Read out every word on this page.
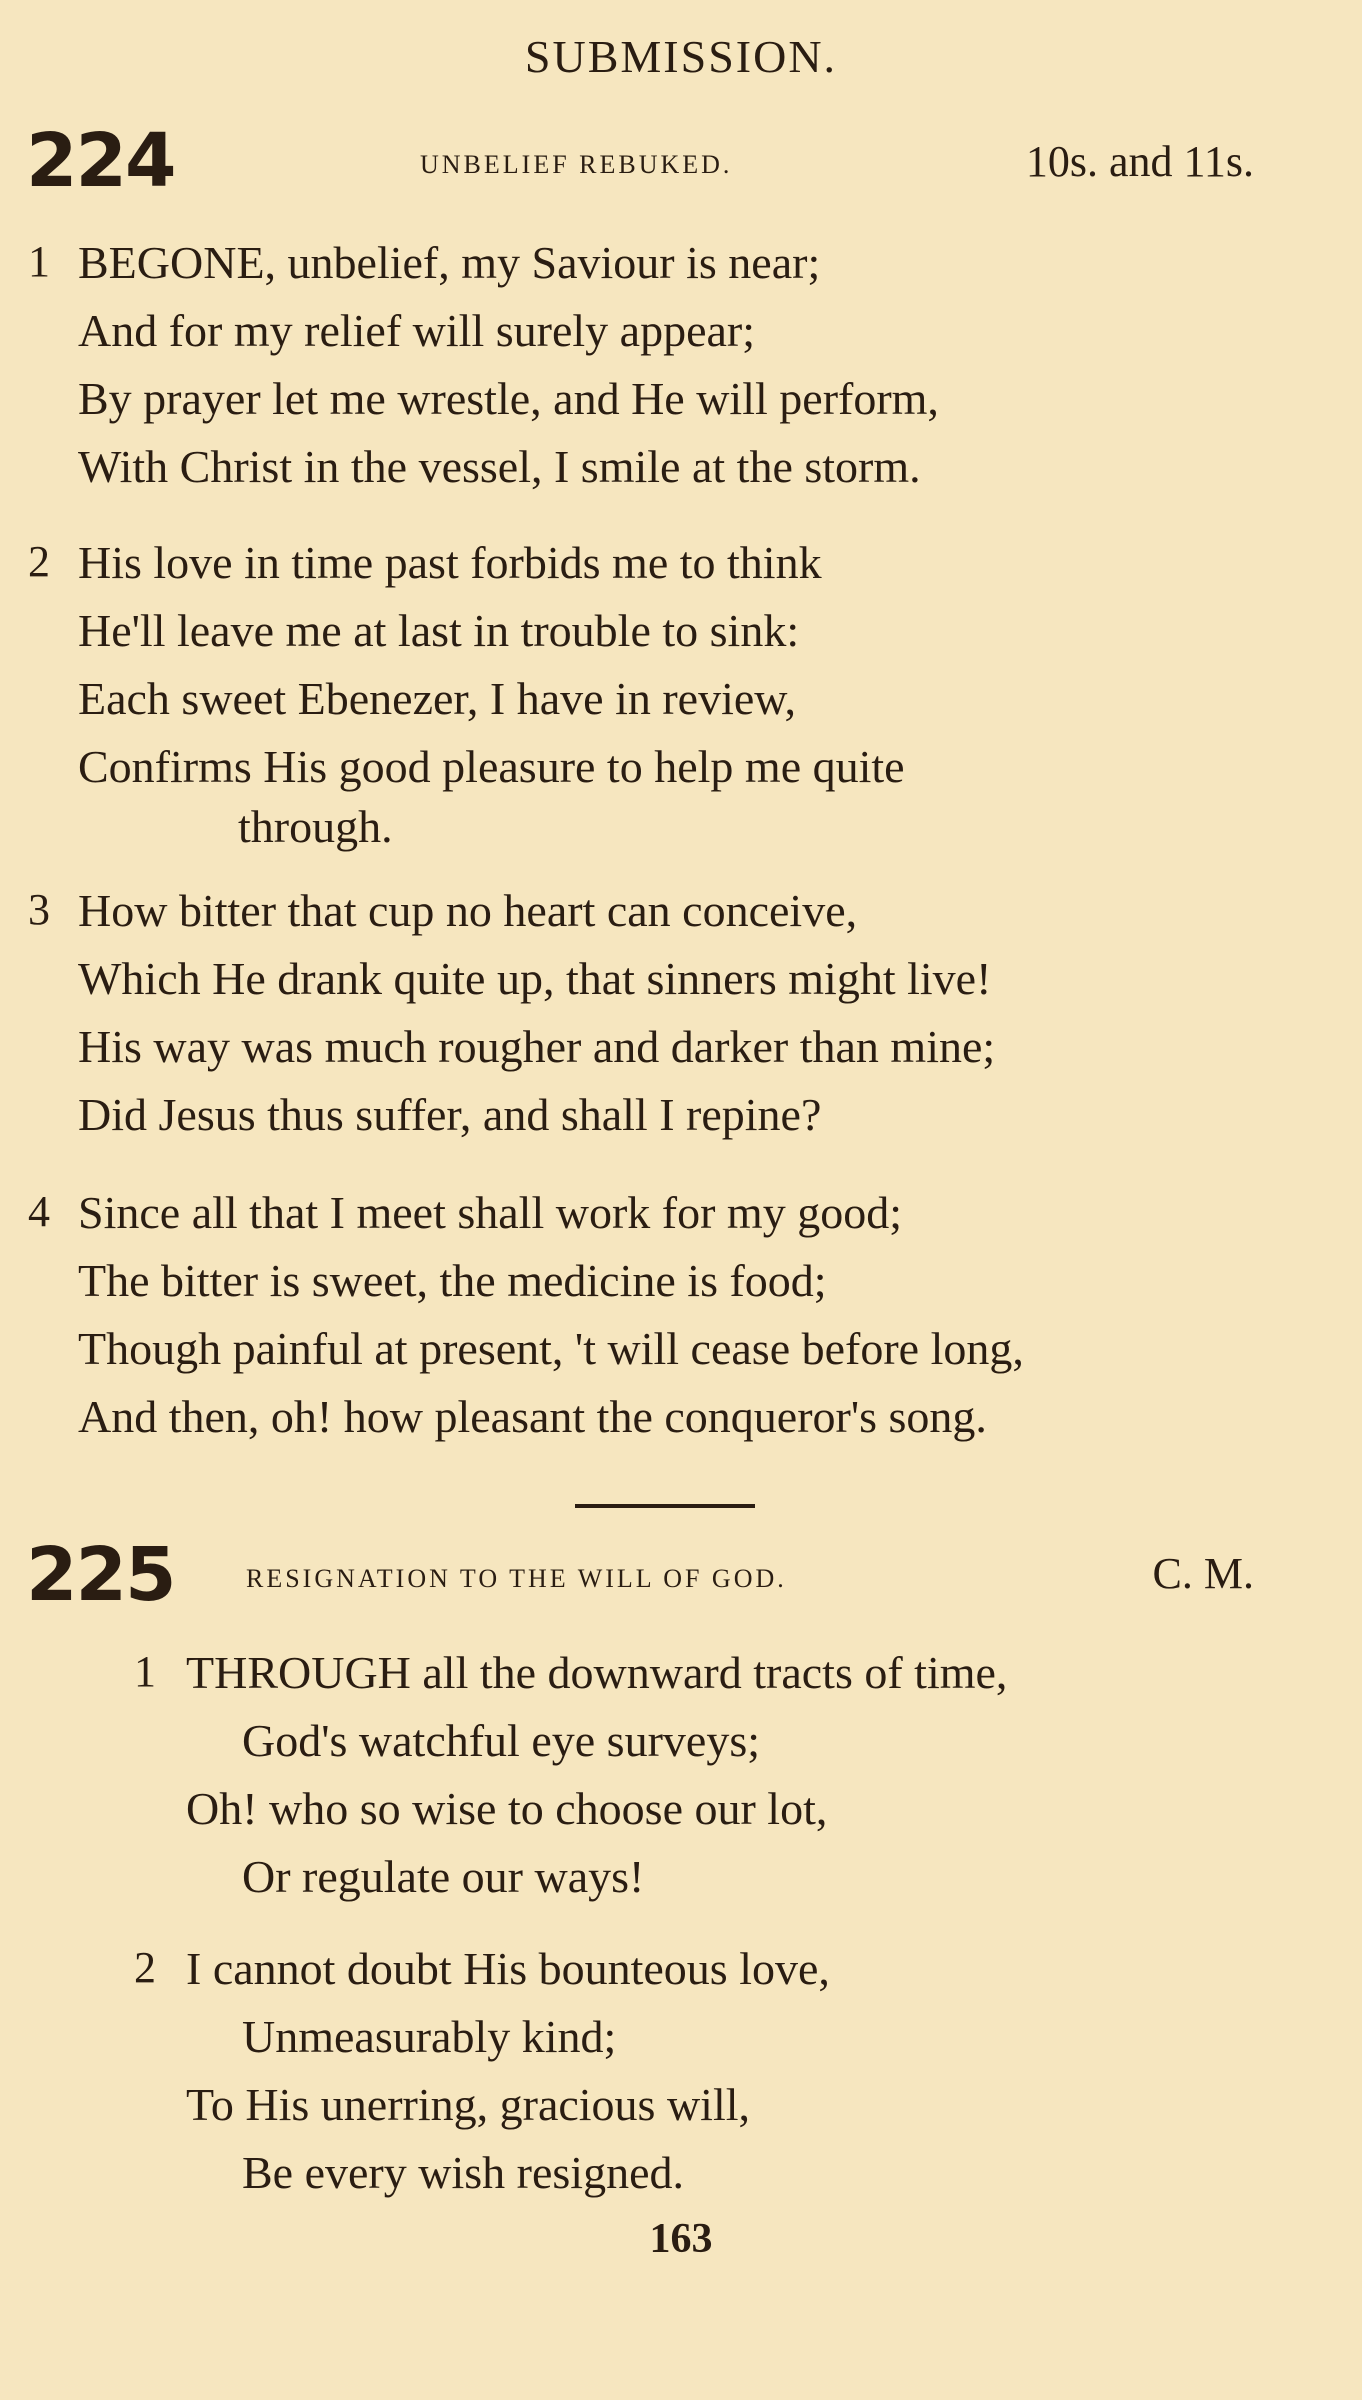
SUBMISSION.
224	UNBELIEF REBUKED.	10s. and 11s.
1 BEGONE, unbelief, my Saviour is near;
And for my relief will surely appear;
By prayer let me wrestle, and He will perform,
With Christ in the vessel, I smile at the storm.
2 His love in time past forbids me to think
He'll leave me at last in trouble to sink:
Each sweet Ebenezer, I have in review,
Confirms His good pleasure to help me quite
through.
3 How bitter that cup no heart can conceive,
Which He drank quite up, that sinners might live!
His way was much rougher and darker than mine;
Did Jesus thus suffer, and shall I repine?
4 Since all that I meet shall work for my good;
The bitter is sweet, the medicine is food;
Though painful at present, 't will cease before long,
And then, oh! how pleasant the conqueror's song.
225	RESIGNATION TO THE WILL OF GOD.	C. M.
1 THROUGH all the downward tracts of time,
God's watchful eye surveys;
Oh! who so wise to choose our lot,
Or regulate our ways!
2 I cannot doubt His bounteous love,
Unmeasurably kind;
To His unerring, gracious will,
Be every wish resigned.
163
